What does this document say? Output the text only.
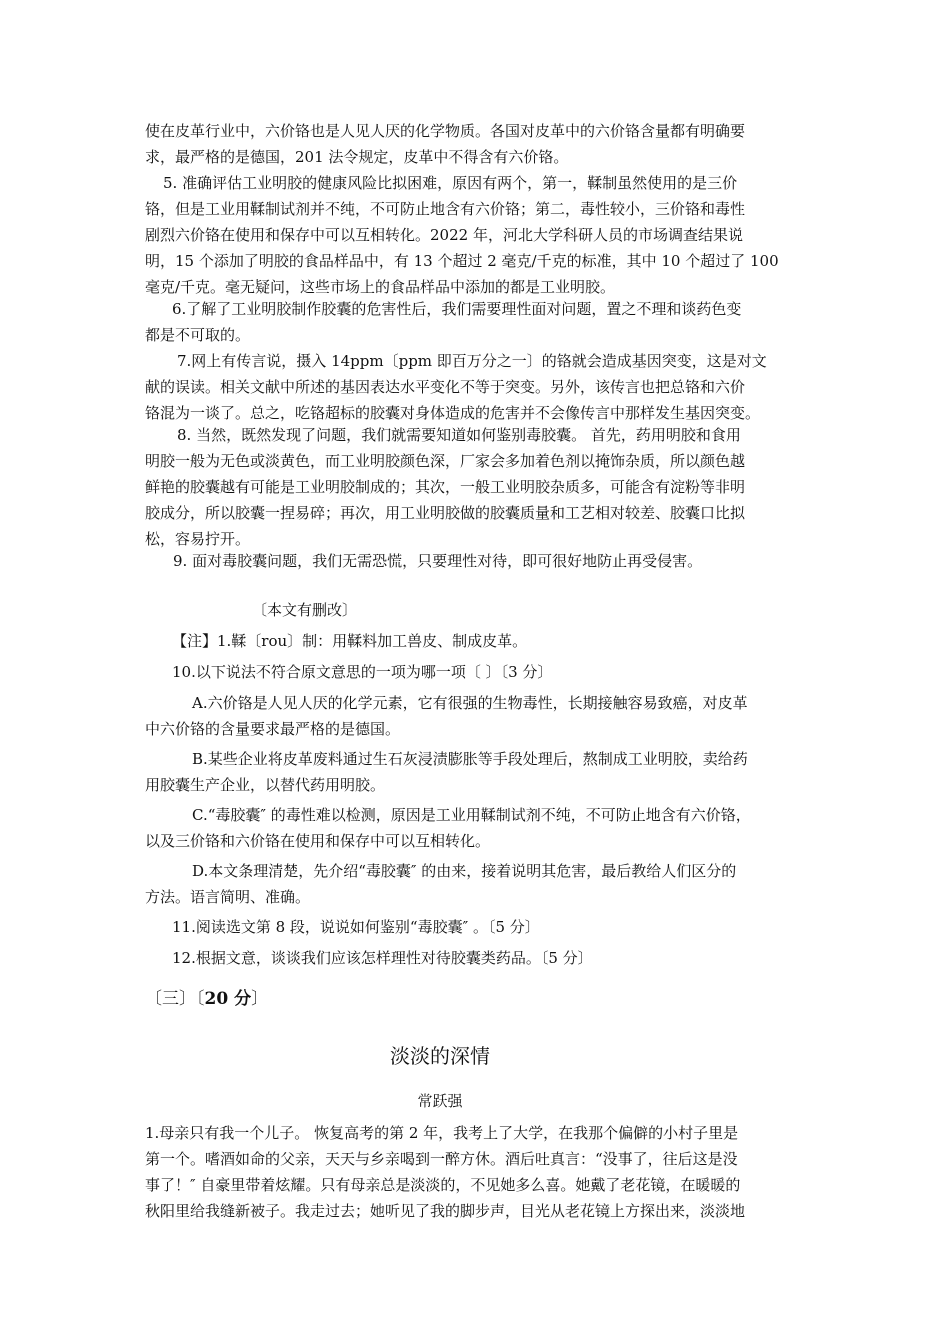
〔三〕〔20 分〕
淡淡的深情
常跃强
使在皮革行业中，六价铬也是人见人厌的化学物质。各国对皮革中的六价铬含量都有明确要
求，最严格的是德国，201 法令规定，皮革中不得含有六价铬。
5. 准确评估工业明胶的健康风险比拟困难，原因有两个，第一，鞣制虽然使用的是三价
铬，但是工业用鞣制试剂并不纯，不可防止地含有六价铬；第二，毒性较小，三价铬和毒性
剧烈六价铬在使用和保存中可以互相转化。2022 年，河北大学科研人员的市场调查结果说
明，15 个添加了明胶的食品样品中，有 13 个超过 2 毫克/千克的标准，其中 10 个超过了 100
毫克/千克。毫无疑问，这些市场上的食品样品中添加的都是工业明胶。
6.了解了工业明胶制作胶囊的危害性后，我们需要理性面对问题，置之不理和谈药色变
都是不可取的。
7.网上有传言说，摄入 14ppm〔ppm 即百万分之一〕的铬就会造成基因突变，这是对文
献的误读。相关文献中所述的基因表达水平变化不等于突变。另外，该传言也把总铬和六价
铬混为一谈了。总之，吃铬超标的胶囊对身体造成的危害并不会像传言中那样发生基因突变。
8. 当然，既然发现了问题，我们就需要知道如何鉴别毒胶囊。 首先，药用明胶和食用
明胶一般为无色或淡黄色，而工业明胶颜色深，厂家会多加着色剂以掩饰杂质，所以颜色越
鲜艳的胶囊越有可能是工业明胶制成的；其次，一般工业明胶杂质多，可能含有淀粉等非明
胶成分，所以胶囊一捏易碎；再次，用工业明胶做的胶囊质量和工艺相对较差、胶囊口比拟
松，容易拧开。
9. 面对毒胶囊问题，我们无需恐慌，只要理性对待，即可很好地防止再受侵害。
〔本文有删改〕
【注】1.鞣〔rou〕制：用鞣料加工兽皮、制成皮革。
10.以下说法不符合原文意思的一项为哪一项〔 〕〔3 分〕
A.六价铬是人见人厌的化学元素，它有很强的生物毒性，长期接触容易致癌，对皮革
中六价铬的含量要求最严格的是德国。
B.某些企业将皮革废料通过生石灰浸渍膨胀等手段处理后，熬制成工业明胶，卖给药
用胶囊生产企业，以替代药用明胶。
C.“毒胶囊″ 的毒性难以检测，原因是工业用鞣制试剂不纯，不可防止地含有六价铬，
以及三价铬和六价铬在使用和保存中可以互相转化。
D.本文条理清楚，先介绍“毒胶囊″ 的由来，接着说明其危害，最后教给人们区分的
方法。语言简明、准确。
11.阅读选文第 8 段，说说如何鉴别“毒胶囊″ 。〔5 分〕
12.根据文意，谈谈我们应该怎样理性对待胶囊类药品。〔5 分〕
1.母亲只有我一个儿子。 恢复高考的第 2 年，我考上了大学，在我那个偏僻的小村子里是
第一个。嗜酒如命的父亲，天天与乡亲喝到一醉方休。酒后吐真言：“没事了，往后这是没
事了！″ 自豪里带着炫耀。只有母亲总是淡淡的，不见她多么喜。她戴了老花镜，在暖暖的
秋阳里给我缝新被子。我走过去；她听见了我的脚步声，目光从老花镜上方探出来，淡淡地
